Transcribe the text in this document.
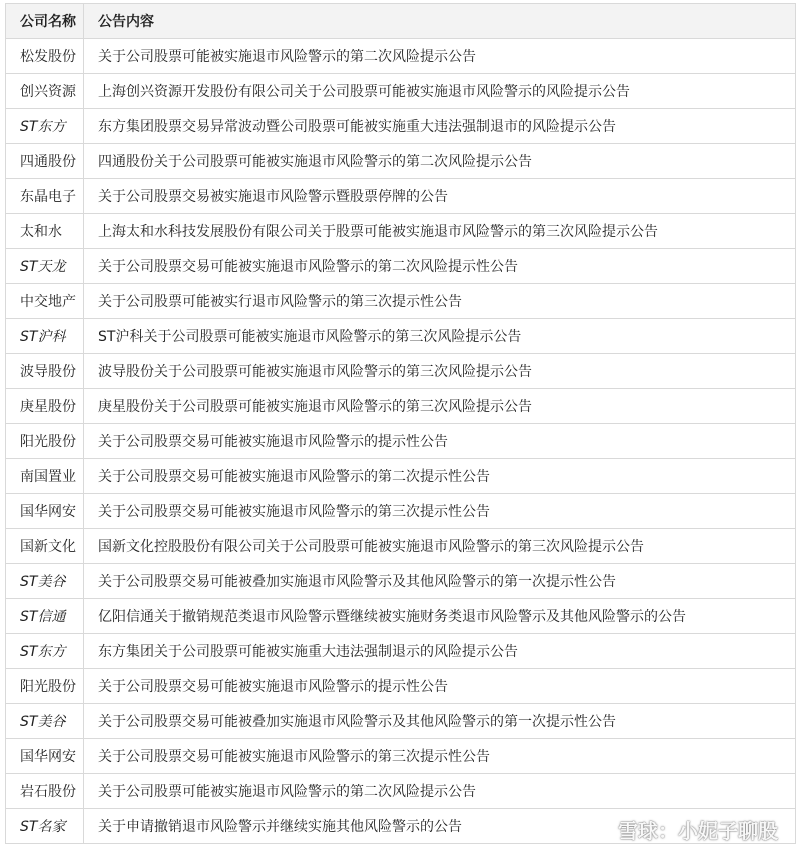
公司名称	公告内容
松发股份	关于公司股票可能被实施退市风险警示的第二次风险提示公告
创兴资源	上海创兴资源开发股份有限公司关于公司股票可能被实施退市风险警示的风险提示公告
ST东方	东方集团股票交易异常波动暨公司股票可能被实施重大违法强制退市的风险提示公告
四通股份	四通股份关于公司股票可能被实施退市风险警示的第二次风险提示公告
东晶电子	关于公司股票交易被实施退市风险警示暨股票停牌的公告
太和水	上海太和水科技发展股份有限公司关于股票可能被实施退市风险警示的第三次风险提示公告
ST天龙	关于公司股票交易可能被实施退市风险警示的第二次风险提示性公告
中交地产	关于公司股票可能被实行退市风险警示的第三次提示性公告
ST沪科	ST沪科关于公司股票可能被实施退市风险警示的第三次风险提示公告
波导股份	波导股份关于公司股票可能被实施退市风险警示的第三次风险提示公告
庚星股份	庚星股份关于公司股票可能被实施退市风险警示的第三次风险提示公告
阳光股份	关于公司股票交易可能被实施退市风险警示的提示性公告
南国置业	关于公司股票交易可能被实施退市风险警示的第二次提示性公告
国华网安	关于公司股票交易可能被实施退市风险警示的第三次提示性公告
国新文化	国新文化控股股份有限公司关于公司股票可能被实施退市风险警示的第三次风险提示公告
ST美谷	关于公司股票交易可能被叠加实施退市风险警示及其他风险警示的第一次提示性公告
ST信通	亿阳信通关于撤销规范类退市风险警示暨继续被实施财务类退市风险警示及其他风险警示的公告
ST东方	东方集团关于公司股票可能被实施重大违法强制退示的风险提示公告
阳光股份	关于公司股票交易可能被实施退市风险警示的提示性公告
ST美谷	关于公司股票交易可能被叠加实施退市风险警示及其他风险警示的第一次提示性公告
国华网安	关于公司股票交易可能被实施退市风险警示的第三次提示性公告
岩石股份	关于公司股票可能被实施退市风险警示的第二次风险提示公告
ST名家	关于申请撤销退市风险警示并继续实施其他风险警示的公告	雪球：小妮子聊股
